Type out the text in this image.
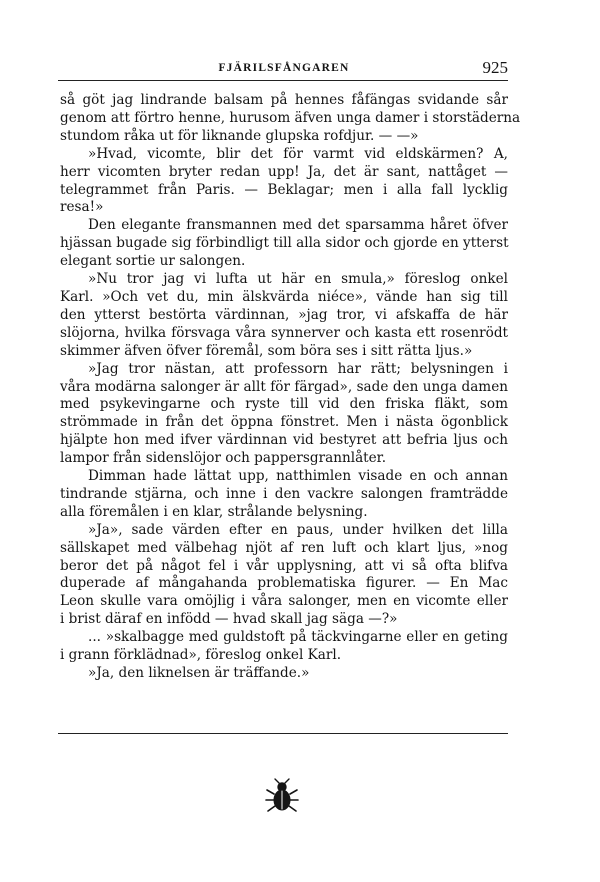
FJÄRILSFÅNGAREN	925
så göt jag lindrande balsam på hennes fåfängas svidande sår
genom att förtro henne, hurusom äfven unga damer i storstäderna
stundom råka ut för liknande glupska rofdjur. — —»
»Hvad, vicomte, blir det för varmt vid eldskärmen? A,
herr vicomten bryter redan upp! Ja, det är sant, nattåget —
telegrammet från Paris. — Beklagar; men i alla fall lycklig
resa!»
Den elegante fransmannen med det sparsamma håret öfver
hjässan bugade sig förbindligt till alla sidor och gjorde en ytterst
elegant sortie ur salongen.
»Nu tror jag vi lufta ut här en smula,» föreslog onkel
Karl. »Och vet du, min älskvärda niéce», vände han sig till
den ytterst bestörta värdinnan, »jag tror, vi afskaffa de här
slöjorna, hvilka försvaga våra synnerver och kasta ett rosenrödt
skimmer äfven öfver föremål, som böra ses i sitt rätta ljus.»
»Jag tror nästan, att professorn har rätt; belysningen i
våra modärna salonger är allt för färgad», sade den unga damen
med psykevingarne och ryste till vid den friska fläkt, som
strömmade in från det öppna fönstret. Men i nästa ögonblick
hjälpte hon med ifver värdinnan vid bestyret att befria ljus och
lampor från sidenslöjor och pappersgrannlåter.
Dimman hade lättat upp, natthimlen visade en och annan
tindrande stjärna, och inne i den vackre salongen framträdde
alla föremålen i en klar, strålande belysning.
»Ja», sade värden efter en paus, under hvilken det lilla
sällskapet med välbehag njöt af ren luft och klart ljus, »nog
beror det på något fel i vår upplysning, att vi så ofta blifva
duperade af mångahanda problematiska figurer. — En Mac
Leon skulle vara omöjlig i våra salonger, men en vicomte eller
i brist däraf en infödd — hvad skall jag säga —?»
... »skalbagge med guldstoft på täckvingarne eller en geting
i grann förklädnad», föreslog onkel Karl.
»Ja, den liknelsen är träffande.»
